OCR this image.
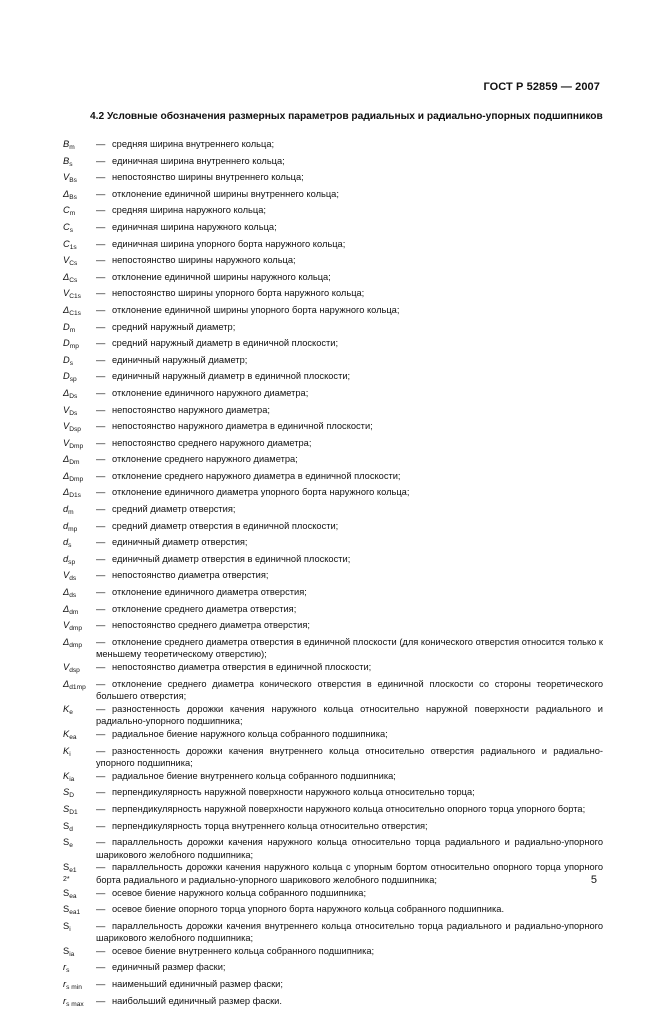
ГОСТ Р 52859 — 2007
4.2 Условные обозначения размерных параметров радиальных и радиально-упорных подшипников
$B_m$	— средняя ширина внутреннего кольца;
$B_s$	— единичная ширина внутреннего кольца;
$V_{Bs}$	— непостоянство ширины внутреннего кольца;
$\Delta_{Bs}$	— отклонение единичной ширины внутреннего кольца;
$C_m$	— средняя ширина наружного кольца;
$C_s$	— единичная ширина наружного кольца;
$C_{1s}$	— единичная ширина упорного борта наружного кольца;
$V_{Cs}$	— непостоянство ширины наружного кольца;
$\Delta_{Cs}$	— отклонение единичной ширины наружного кольца;
$V_{C1s}$	— непостоянство ширины упорного борта наружного кольца;
$\Delta_{C1s}$	— отклонение единичной ширины упорного борта наружного кольца;
$D_m$	— средний наружный диаметр;
$D_{mp}$	— средний наружный диаметр в единичной плоскости;
$D_s$	— единичный наружный диаметр;
$D_{sp}$	— единичный наружный диаметр в единичной плоскости;
$\Delta_{Ds}$	— отклонение единичного наружного диаметра;
$V_{Ds}$	— непостоянство наружного диаметра;
$V_{Dsp}$	— непостоянство наружного диаметра в единичной плоскости;
$V_{Dmp}$	— непостоянство среднего наружного диаметра;
$\Delta_{Dm}$	— отклонение среднего наружного диаметра;
$\Delta_{Dmp}$	— отклонение среднего наружного диаметра в единичной плоскости;
$\Delta_{D1s}$	— отклонение единичного диаметра упорного борта наружного кольца;
$d_m$	— средний диаметр отверстия;
$d_{mp}$	— средний диаметр отверстия в единичной плоскости;
$d_s$	— единичный диаметр отверстия;
$d_{sp}$	— единичный диаметр отверстия в единичной плоскости;
$V_{ds}$	— непостоянство диаметра отверстия;
$\Delta_{ds}$	— отклонение единичного диаметра отверстия;
$\Delta_{dm}$	— отклонение среднего диаметра отверстия;
$V_{dmp}$	— непостоянство среднего диаметра отверстия;
$\Delta_{dmp}$	— отклонение среднего диаметра отверстия в единичной плоскости (для конического отверстия относится только к меньшему теоретическому отверстию);
$V_{dsp}$	— непостоянство диаметра отверстия в единичной плоскости;
$\Delta_{d1mp}$	— отклонение среднего диаметра конического отверстия в единичной плоскости со стороны теоретического большего отверстия;
$K_e$	— разностенность дорожки качения наружного кольца относительно наружной поверхности радиального и радиально-упорного подшипника;
$K_{ea}$	— радиальное биение наружного кольца собранного подшипника;
$K_i$	— разностенность дорожки качения внутреннего кольца относительно отверстия радиального и радиально-упорного подшипника;
$K_{ia}$	— радиальное биение внутреннего кольца собранного подшипника;
$S_D$	— перпендикулярность наружной поверхности наружного кольца относительно торца;
$S_{D1}$	— перпендикулярность наружной поверхности наружного кольца относительно опорного торца упорного борта;
$S_d$	— перпендикулярность торца внутреннего кольца относительно отверстия;
$S_e$	— параллельность дорожки качения наружного кольца относительно торца радиального и радиально-упорного шарикового желобного подшипника;
$S_{e1}$	— параллельность дорожки качения наружного кольца с упорным бортом относительно опорного торца упорного борта радиального и радиально-упорного шарикового желобного подшипника;
$S_{ea}$	— осевое биение наружного кольца собранного подшипника;
$S_{ea1}$	— осевое биение опорного торца упорного борта наружного кольца собранного подшипника.
$S_i$	— параллельность дорожки качения внутреннего кольца относительно торца радиального и радиально-упорного шарикового желобного подшипника;
$S_{ia}$	— осевое биение внутреннего кольца собранного подшипника;
$r_s$	— единичный размер фаски;
$r_{s min}$	— наименьший единичный размер фаски;
$r_{s max}$	— наибольший единичный размер фаски.
2*	5
